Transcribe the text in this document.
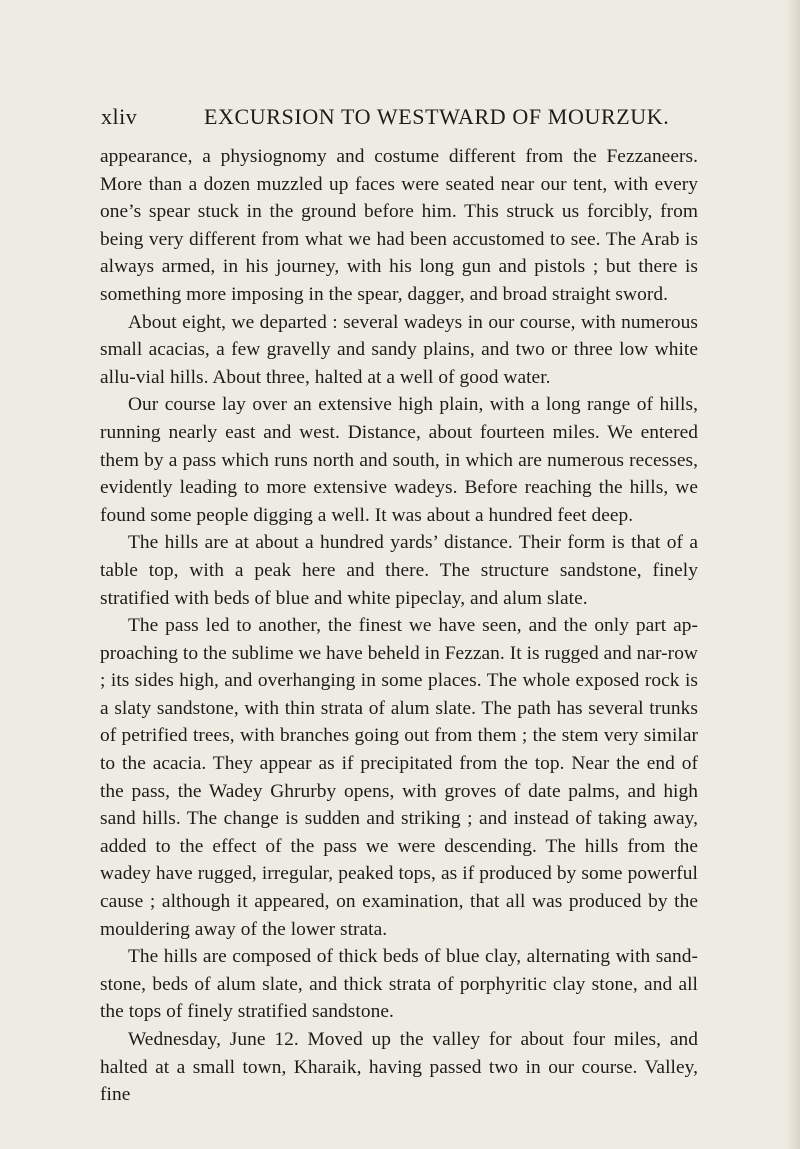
xliv	EXCURSION TO WESTWARD OF MOURZUK.

appearance, a physiognomy and costume different from the Fezzaneers. More than a dozen muzzled up faces were seated near our tent, with every one’s spear stuck in the ground before him. This struck us forcibly, from being very different from what we had been accustomed to see. The Arab is always armed, in his journey, with his long gun and pistols ; but there is something more imposing in the spear, dagger, and broad straight sword.

About eight, we departed : several wadeys in our course, with numerous small acacias, a few gravelly and sandy plains, and two or three low white allu-vial hills. About three, halted at a well of good water.

Our course lay over an extensive high plain, with a long range of hills, running nearly east and west. Distance, about fourteen miles. We entered them by a pass which runs north and south, in which are numerous recesses, evidently leading to more extensive wadeys. Before reaching the hills, we found some people digging a well. It was about a hundred feet deep.

The hills are at about a hundred yards’ distance. Their form is that of a table top, with a peak here and there. The structure sandstone, finely stratified with beds of blue and white pipeclay, and alum slate.

The pass led to another, the finest we have seen, and the only part ap-proaching to the sublime we have beheld in Fezzan. It is rugged and nar-row ; its sides high, and overhanging in some places. The whole exposed rock is a slaty sandstone, with thin strata of alum slate. The path has several trunks of petrified trees, with branches going out from them ; the stem very similar to the acacia. They appear as if precipitated from the top. Near the end of the pass, the Wadey Ghrurby opens, with groves of date palms, and high sand hills. The change is sudden and striking ; and instead of taking away, added to the effect of the pass we were descending. The hills from the wadey have rugged, irregular, peaked tops, as if produced by some powerful cause ; although it appeared, on examination, that all was produced by the mouldering away of the lower strata.

The hills are composed of thick beds of blue clay, alternating with sand-stone, beds of alum slate, and thick strata of porphyritic clay stone, and all the tops of finely stratified sandstone.

Wednesday, June 12. Moved up the valley for about four miles, and halted at a small town, Kharaik, having passed two in our course. Valley, fine
